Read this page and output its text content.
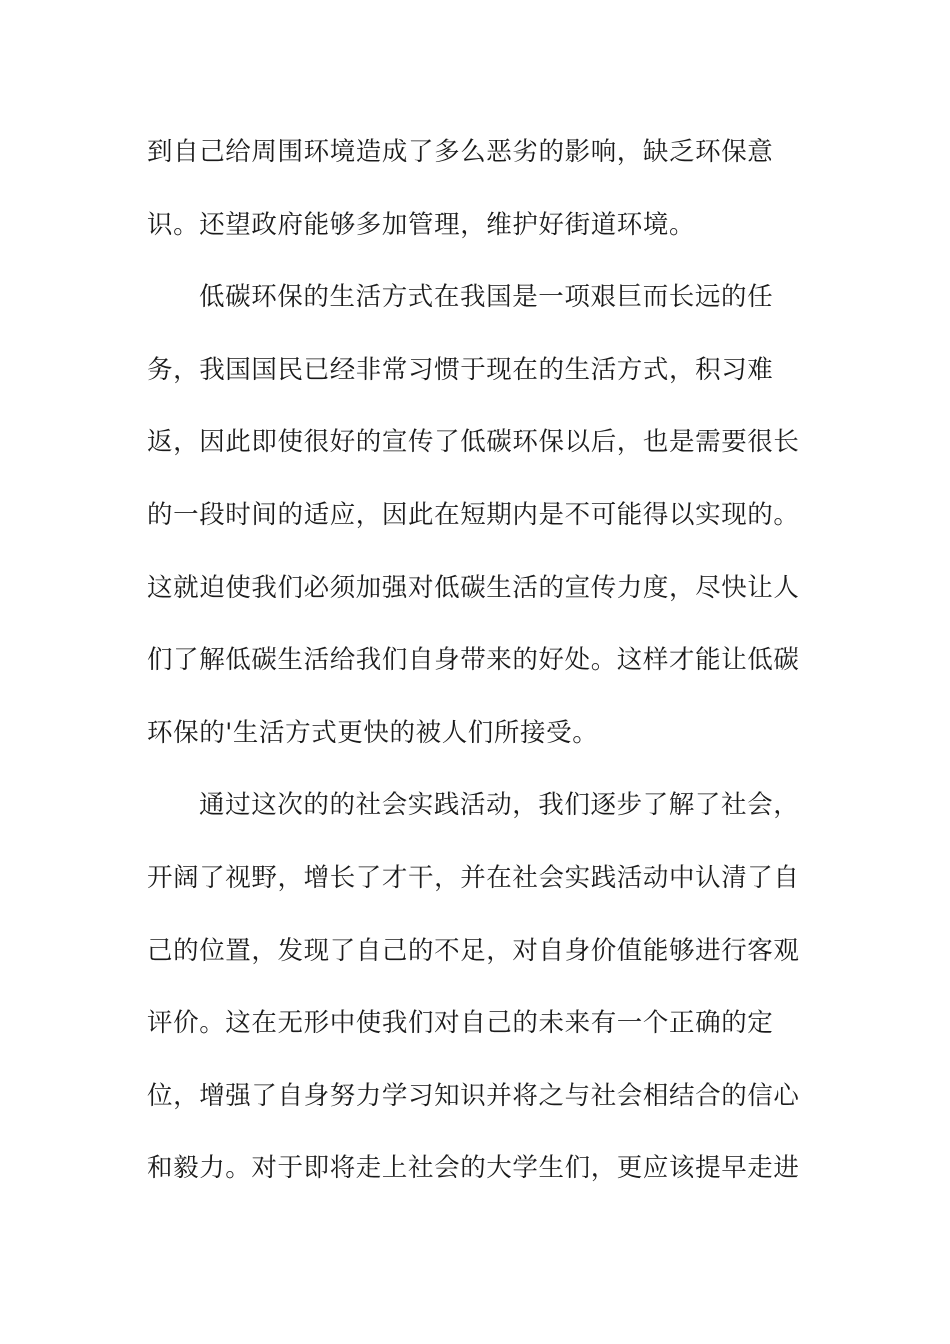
到自己给周围环境造成了多么恶劣的影响，缺乏环保意
识。还望政府能够多加管理，维护好街道环境。
低碳环保的生活方式在我国是一项艰巨而长远的任
务，我国国民已经非常习惯于现在的生活方式，积习难
返，因此即使很好的宣传了低碳环保以后，也是需要很长
的一段时间的适应，因此在短期内是不可能得以实现的。
这就迫使我们必须加强对低碳生活的宣传力度，尽快让人
们了解低碳生活给我们自身带来的好处。这样才能让低碳
环保的'生活方式更快的被人们所接受。
通过这次的的社会实践活动，我们逐步了解了社会，
开阔了视野，增长了才干，并在社会实践活动中认清了自
己的位置，发现了自己的不足，对自身价值能够进行客观
评价。这在无形中使我们对自己的未来有一个正确的定
位，增强了自身努力学习知识并将之与社会相结合的信心
和毅力。对于即将走上社会的大学生们，更应该提早走进
